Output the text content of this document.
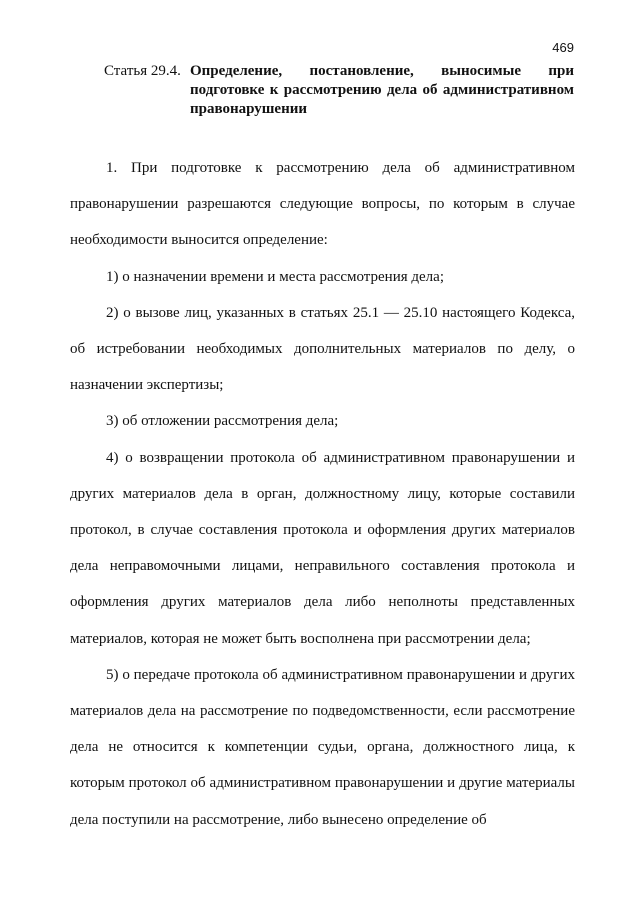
469
Статья 29.4. Определение, постановление, выносимые при подготовке к рассмотрению дела об административном правонарушении

1. При подготовке к рассмотрению дела об административном правонарушении разрешаются следующие вопросы, по которым в случае необходимости выносится определение:

1) о назначении времени и места рассмотрения дела;

2) о вызове лиц, указанных в статьях 25.1 — 25.10 настоящего Кодекса, об истребовании необходимых дополнительных материалов по делу, о назначении экспертизы;

3) об отложении рассмотрения дела;

4) о возвращении протокола об административном правонарушении и других материалов дела в орган, должностному лицу, которые составили протокол, в случае составления протокола и оформления других материалов дела неправомочными лицами, неправильного составления протокола и оформления других материалов дела либо неполноты представленных материалов, которая не может быть восполнена при рассмотрении дела;

5) о передаче протокола об административном правонарушении и других материалов дела на рассмотрение по подведомственности, если рассмотрение дела не относится к компетенции судьи, органа, должностного лица, к которым протокол об административном правонарушении и другие материалы дела поступили на рассмотрение, либо вынесено определение об
